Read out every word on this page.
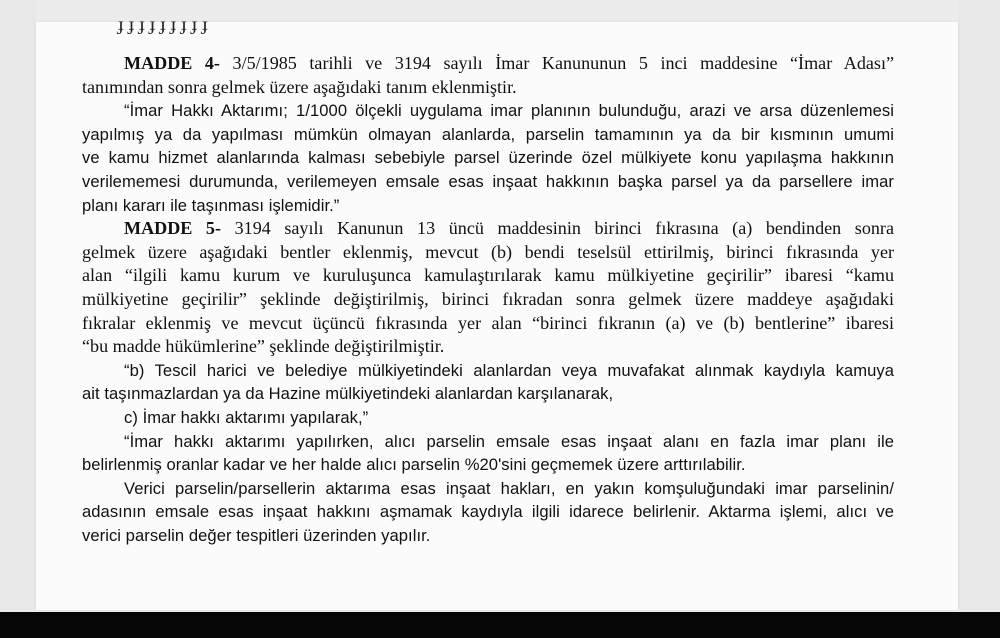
ɟ ɟ ɟ ɟ ɟ ɟ ɟ ɟ ɟ
MADDE 4- 3/5/1985 tarihli ve 3194 sayılı İmar Kanununun 5 inci maddesine “İmar Adası”
tanımından sonra gelmek üzere aşağıdaki tanım eklenmiştir.
“İmar Hakkı Aktarımı; 1/1000 ölçekli uygulama imar planının bulunduğu, arazi ve arsa düzenlemesi
yapılmış ya da yapılması mümkün olmayan alanlarda, parselin tamamının ya da bir kısmının umumi
ve kamu hizmet alanlarında kalması sebebiyle parsel üzerinde özel mülkiyete konu yapılaşma hakkının
verilememesi durumunda, verilemeyen emsale esas inşaat hakkının başka parsel ya da parsellere imar
planı kararı ile taşınması işlemidir.”
MADDE 5- 3194 sayılı Kanunun 13 üncü maddesinin birinci fıkrasına (a) bendinden sonra
gelmek üzere aşağıdaki bentler eklenmiş, mevcut (b) bendi teselsül ettirilmiş, birinci fıkrasında yer
alan “ilgili kamu kurum ve kuruluşunca kamulaştırılarak kamu mülkiyetine geçirilir” ibaresi “kamu
mülkiyetine geçirilir” şeklinde değiştirilmiş, birinci fıkradan sonra gelmek üzere maddeye aşağıdaki
fıkralar eklenmiş ve mevcut üçüncü fıkrasında yer alan “birinci fıkranın (a) ve (b) bentlerine” ibaresi
“bu madde hükümlerine” şeklinde değiştirilmiştir.
“b) Tescil harici ve belediye mülkiyetindeki alanlardan veya muvafakat alınmak kaydıyla kamuya
ait taşınmazlardan ya da Hazine mülkiyetindeki alanlardan karşılanarak,
c) İmar hakkı aktarımı yapılarak,”
“İmar hakkı aktarımı yapılırken, alıcı parselin emsale esas inşaat alanı en fazla imar planı ile
belirlenmiş oranlar kadar ve her halde alıcı parselin %20'sini geçmemek üzere arttırılabilir.
Verici parselin/parsellerin aktarıma esas inşaat hakları, en yakın komşuluğundaki imar parselinin/
adasının emsale esas inşaat hakkını aşmamak kaydıyla ilgili idarece belirlenir. Aktarma işlemi, alıcı ve
verici parselin değer tespitleri üzerinden yapılır.
